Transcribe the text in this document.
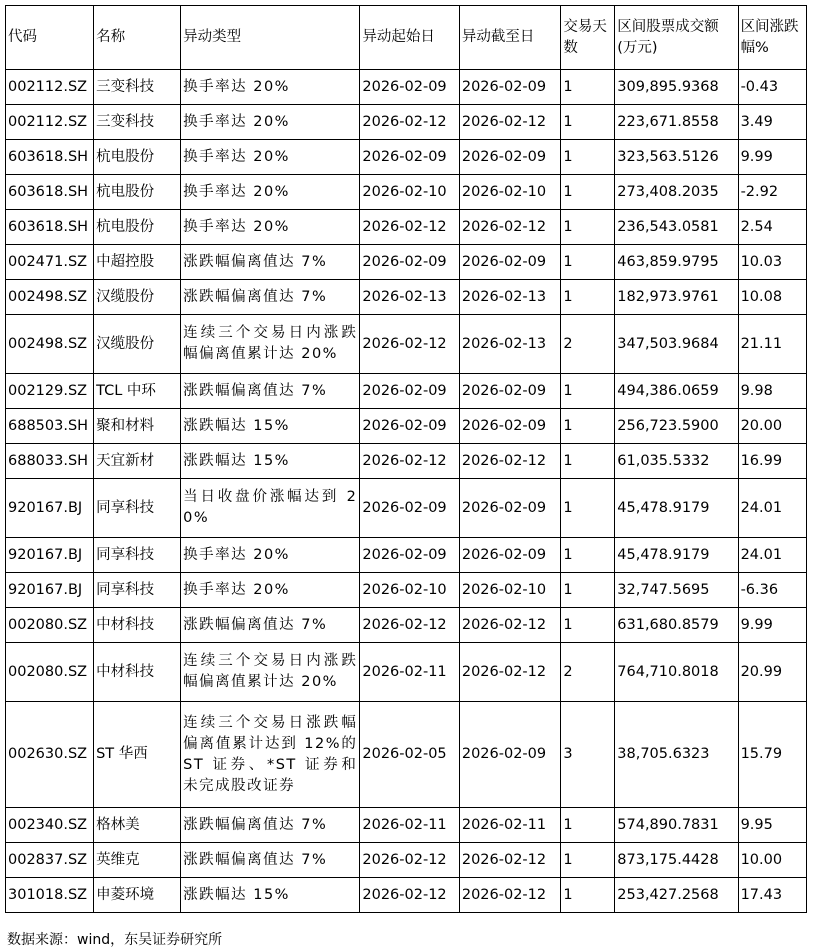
代码	名称	异动类型	异动起始日	异动截至日	交易天数	区间股票成交额(万元)	区间涨跌幅%
002112.SZ	三变科技	换手率达 20%	2026-02-09	2026-02-09	1	309,895.9368	-0.43
002112.SZ	三变科技	换手率达 20%	2026-02-12	2026-02-12	1	223,671.8558	3.49
603618.SH	杭电股份	换手率达 20%	2026-02-09	2026-02-09	1	323,563.5126	9.99
603618.SH	杭电股份	换手率达 20%	2026-02-10	2026-02-10	1	273,408.2035	-2.92
603618.SH	杭电股份	换手率达 20%	2026-02-12	2026-02-12	1	236,543.0581	2.54
002471.SZ	中超控股	涨跌幅偏离值达 7%	2026-02-09	2026-02-09	1	463,859.9795	10.03
002498.SZ	汉缆股份	涨跌幅偏离值达 7%	2026-02-13	2026-02-13	1	182,973.9761	10.08
002498.SZ	汉缆股份	连续三个交易日内涨跌幅偏离值累计达 20%	2026-02-12	2026-02-13	2	347,503.9684	21.11
002129.SZ	TCL 中环	涨跌幅偏离值达 7%	2026-02-09	2026-02-09	1	494,386.0659	9.98
688503.SH	聚和材料	涨跌幅达 15%	2026-02-09	2026-02-09	1	256,723.5900	20.00
688033.SH	天宜新材	涨跌幅达 15%	2026-02-12	2026-02-12	1	61,035.5332	16.99
920167.BJ	同享科技	当日收盘价涨幅达到 20%	2026-02-09	2026-02-09	1	45,478.9179	24.01
920167.BJ	同享科技	换手率达 20%	2026-02-09	2026-02-09	1	45,478.9179	24.01
920167.BJ	同享科技	换手率达 20%	2026-02-10	2026-02-10	1	32,747.5695	-6.36
002080.SZ	中材科技	涨跌幅偏离值达 7%	2026-02-12	2026-02-12	1	631,680.8579	9.99
002080.SZ	中材科技	连续三个交易日内涨跌幅偏离值累计达 20%	2026-02-11	2026-02-12	2	764,710.8018	20.99
002630.SZ	ST 华西	连续三个交易日涨跌幅偏离值累计达到 12%的 ST 证券、*ST 证券和未完成股改证券	2026-02-05	2026-02-09	3	38,705.6323	15.79
002340.SZ	格林美	涨跌幅偏离值达 7%	2026-02-11	2026-02-11	1	574,890.7831	9.95
002837.SZ	英维克	涨跌幅偏离值达 7%	2026-02-12	2026-02-12	1	873,175.4428	10.00
301018.SZ	申菱环境	涨跌幅达 15%	2026-02-12	2026-02-12	1	253,427.2568	17.43
数据来源：wind，东吴证券研究所
